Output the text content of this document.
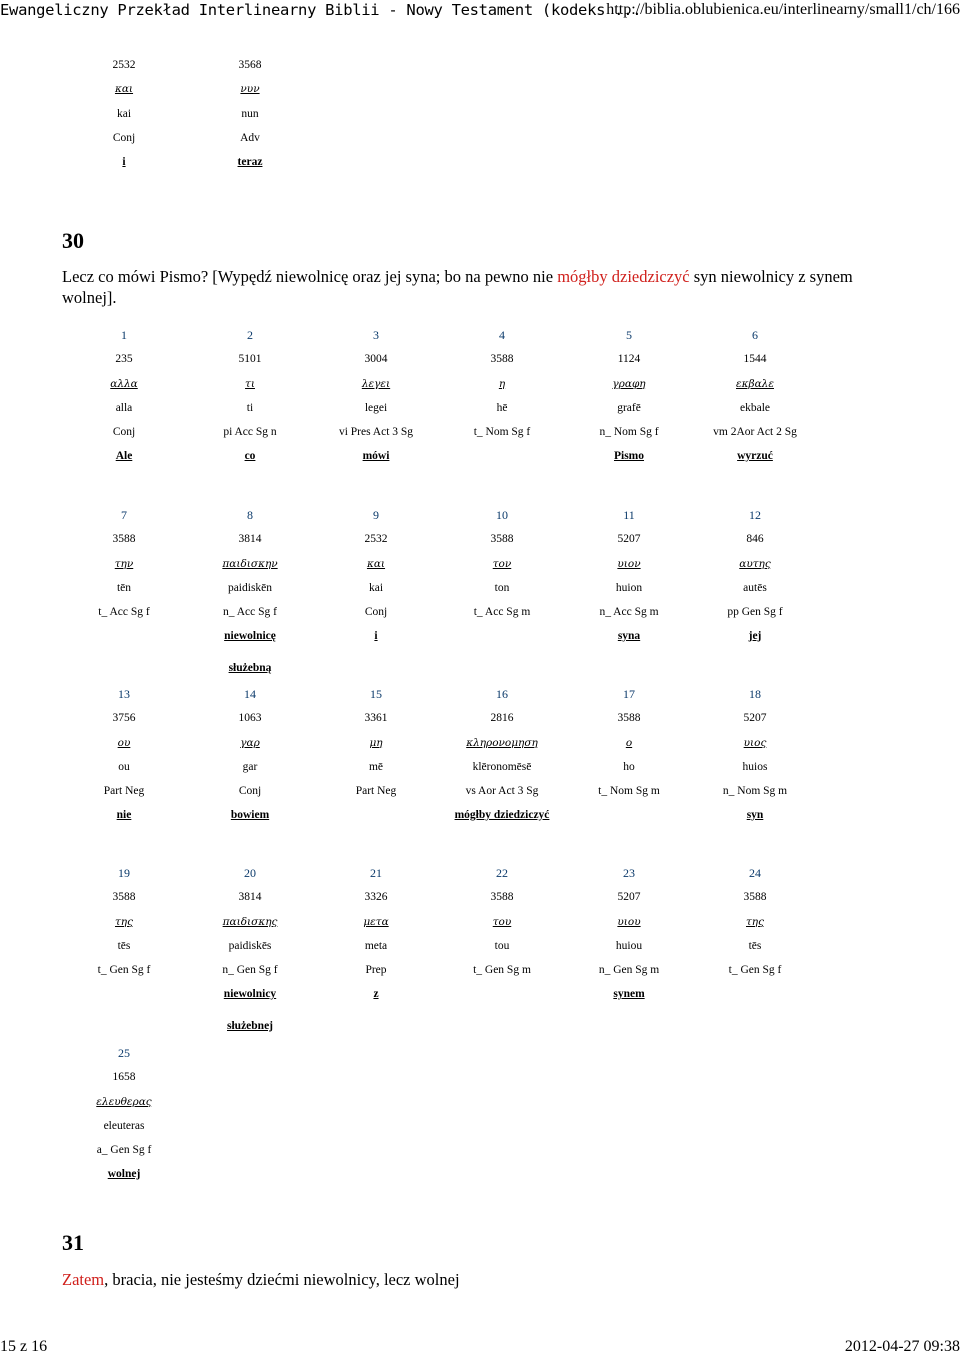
Ewangeliczny Przekład Interlinearny Biblii - Nowy Testament (kodeks ...
http://biblia.oblubienica.eu/interlinearny/small1/ch/166
2532
και
kai
Conj
i
3568
νυν
nun
Adv
teraz
1
235
αλλα
alla
Conj
Ale
2
5101
τι
ti
pi Acc Sg n
co
3
3004
λεγει
legei
vi Pres Act 3 Sg
mówi
4
3588
η
hē
t_ Nom Sg f
5
1124
γραφη
grafē
n_ Nom Sg f
Pismo
6
1544
εκβαλε
ekbale
vm 2Aor Act 2 Sg
wyrzuć
7
3588
την
tēn
t_ Acc Sg f
8
3814
παιδισκην
paidiskēn
n_ Acc Sg f
niewolnicę
służebną
9
2532
και
kai
Conj
i
10
3588
τον
ton
t_ Acc Sg m
11
5207
υιον
huion
n_ Acc Sg m
syna
12
846
αυτης
autēs
pp Gen Sg f
jej
13
3756
ου
ou
Part Neg
nie
14
1063
γαρ
gar
Conj
bowiem
15
3361
μη
mē
Part Neg
16
2816
κληρονομηση
klēronomēsē
vs Aor Act 3 Sg
mógłby dziedziczyć
17
3588
ο
ho
t_ Nom Sg m
18
5207
υιος
huios
n_ Nom Sg m
syn
19
3588
της
tēs
t_ Gen Sg f
20
3814
παιδισκης
paidiskēs
n_ Gen Sg f
niewolnicy
służebnej
21
3326
μετα
meta
Prep
z
22
3588
του
tou
t_ Gen Sg m
23
5207
υιου
huiou
n_ Gen Sg m
synem
24
3588
της
tēs
t_ Gen Sg f
25
1658
ελευθερας
eleuteras
a_ Gen Sg f
wolnej
30
Lecz co mówi Pismo? [Wypędź niewolnicę oraz jej syna; bo na pewno nie mógłby dziedziczyć syn niewolnicy z synem wolnej].
31
Zatem, bracia, nie jesteśmy dziećmi niewolnicy, lecz wolnej
15 z 16	2012-04-27 09:38
